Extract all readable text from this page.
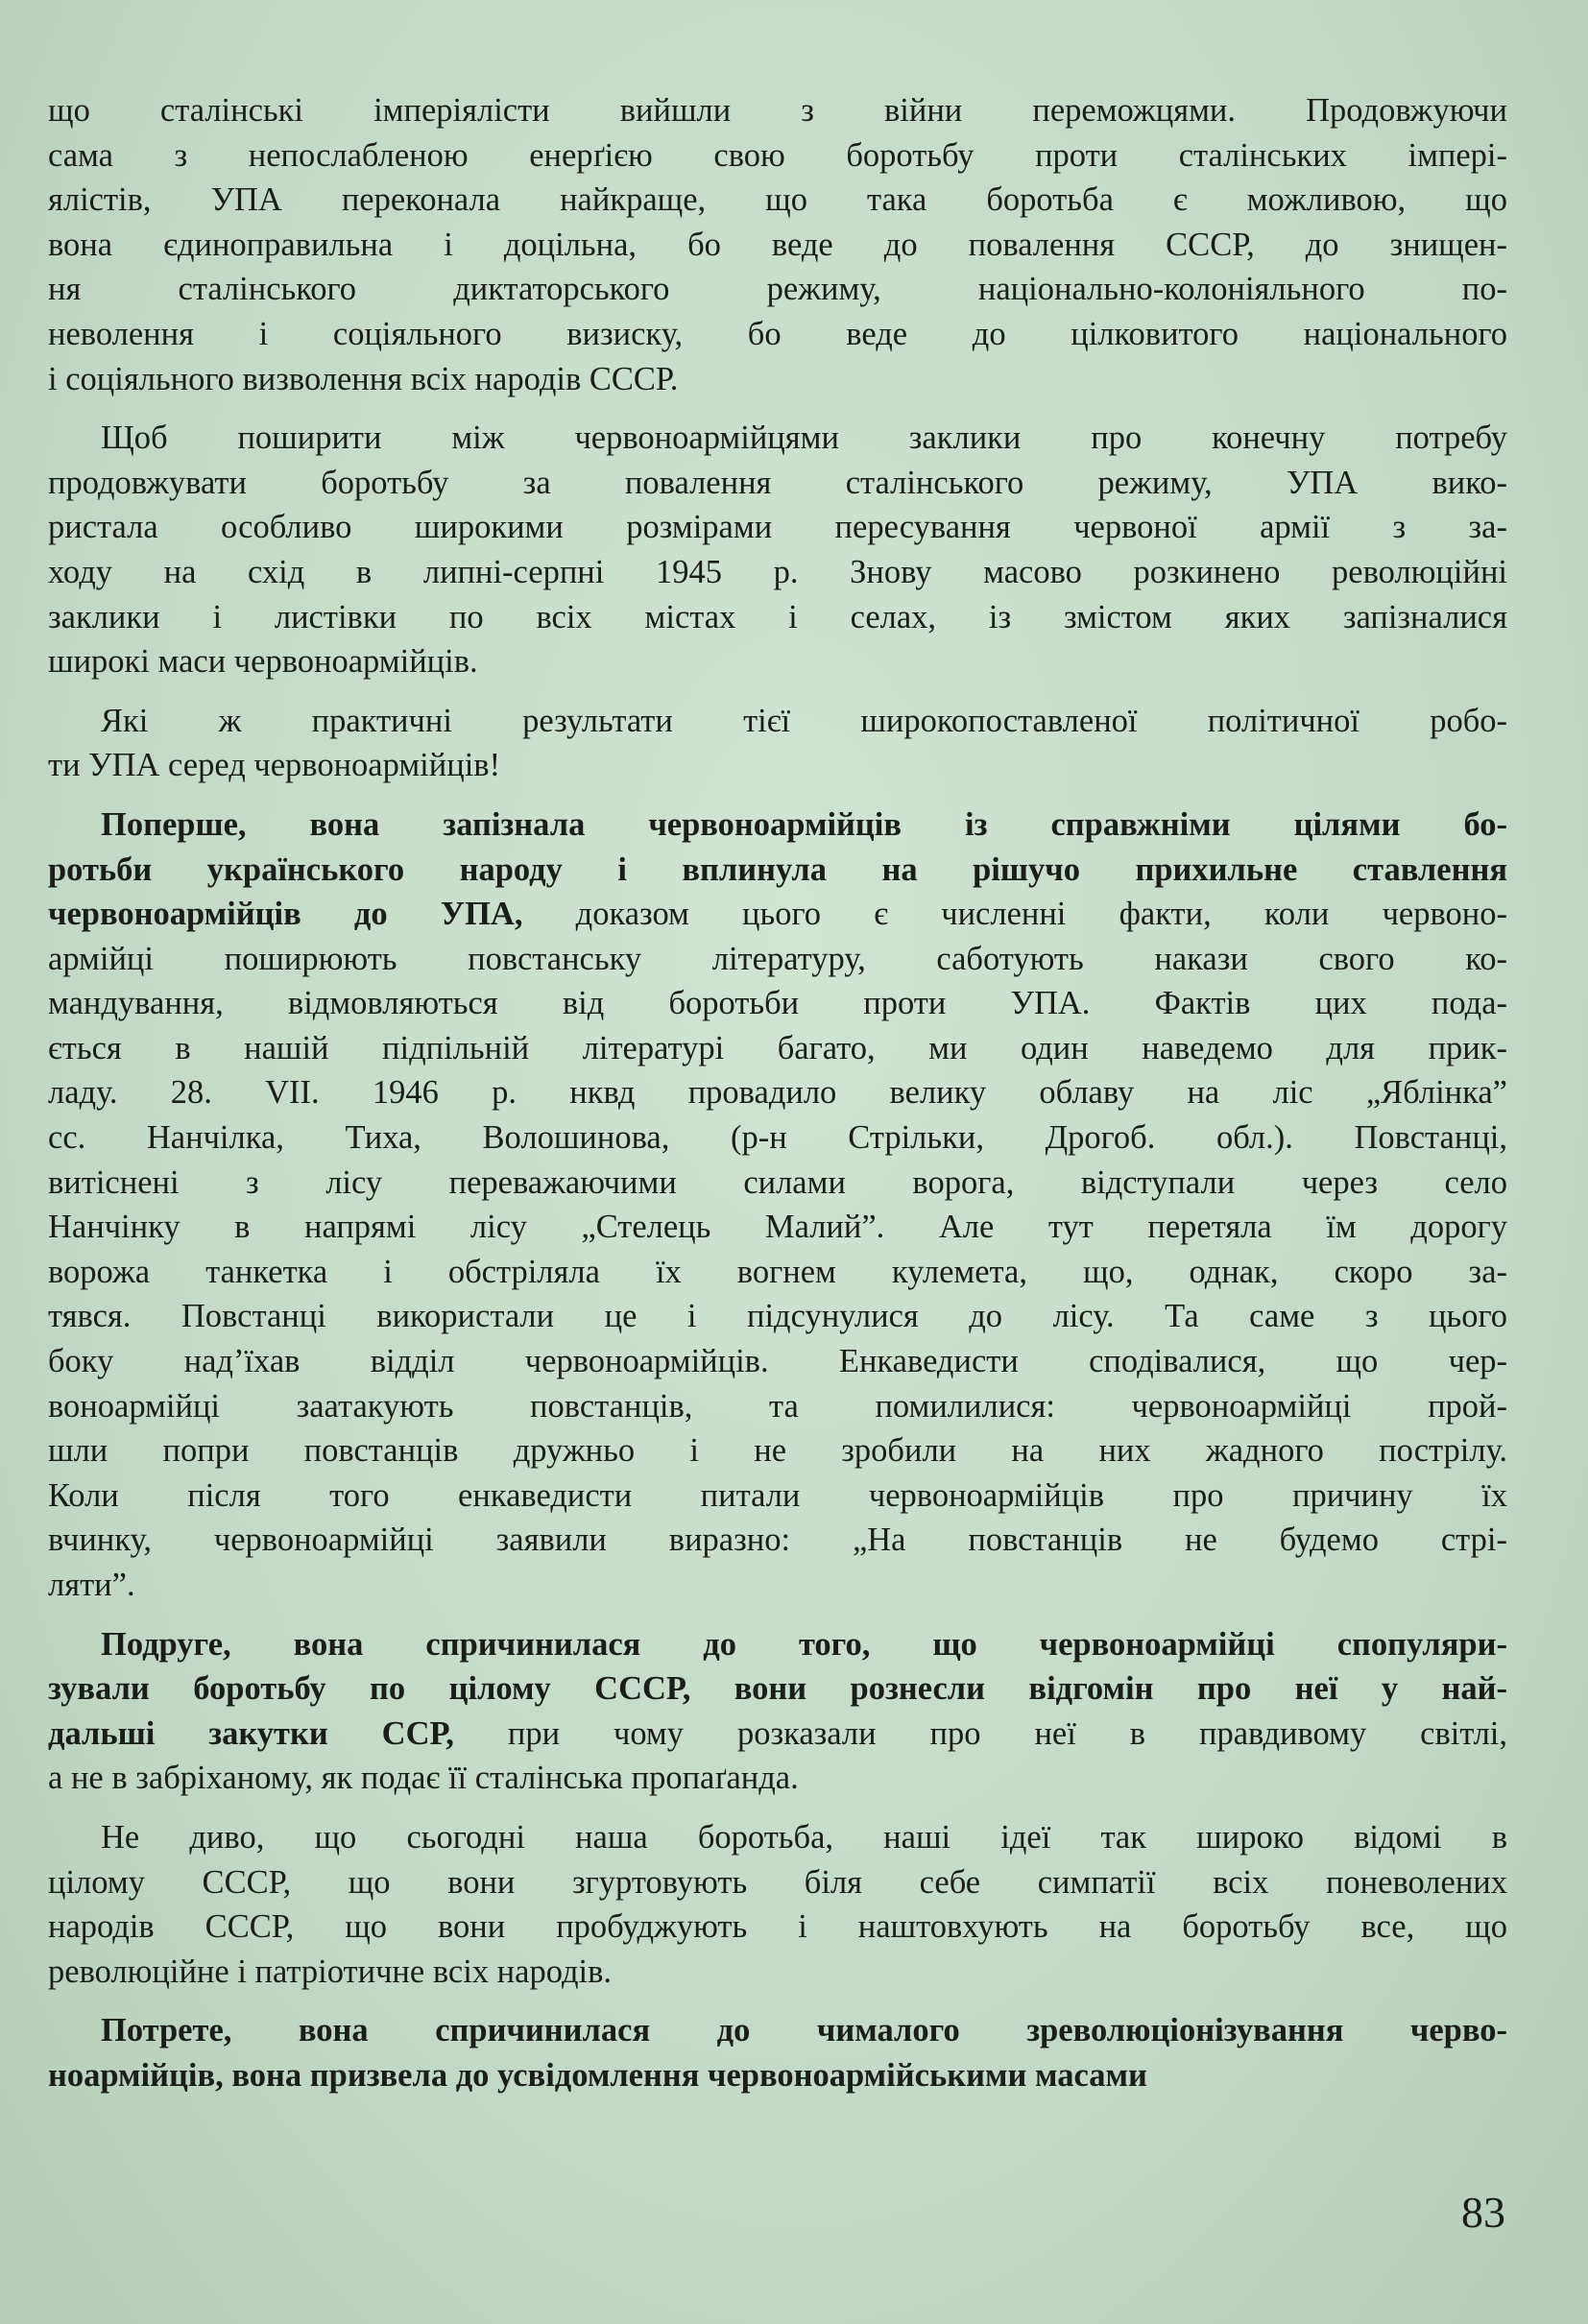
що сталінські імперіялісти вийшли з війни переможцями. Продовжуючи
сама з непослабленою енерґією свою боротьбу проти сталінських імпері-
ялістів, УПА переконала найкраще, що така боротьба є можливою, що
вона єдиноправильна і доцільна, бо веде до повалення СССР, до знищен-
ня сталінського диктаторського режиму, національно-колоніяльного по-
неволення і соціяльного визиску, бо веде до цілковитого національного
і соціяльного визволення всіх народів СССР.
Щоб поширити між червоноармійцями заклики про конечну потребу
продовжувати боротьбу за повалення сталінського режиму, УПА вико-
ристала особливо широкими розмірами пересування червоної армії з за-
ходу на схід в липні-серпні 1945 р. Знову масово розкинено революційні
заклики і листівки по всіх містах і селах, із змістом яких запізналися
широкі маси червоноармійців.
Які ж практичні результати тієї широкопоставленої політичної робо-
ти УПА серед червоноармійців!
Поперше, вона запізнала червоноармійців із справжніми цілями бо-
ротьби українського народу і вплинула на рішучо прихильне ставлення
червоноармійців до УПА, доказом цього є численні факти, коли червоно-
армійці поширюють повстанську літературу, саботують накази свого ко-
мандування, відмовляються від боротьби проти УПА. Фактів цих пода-
ється в нашій підпільній літературі багато, ми один наведемо для прик-
ладу. 28. VII. 1946 р. нквд провадило велику облаву на ліс „Яблінка”
сс. Нанчілка, Тиха, Волошинова, (р-н Стрільки, Дрогоб. обл.). Повстанці,
витіснені з лісу переважаючими силами ворога, відступали через село
Нанчінку в напрямі лісу „Стелець Малий”. Але тут перетяла їм дорогу
ворожа танкетка і обстріляла їх вогнем кулемета, що, однак, скоро за-
тявся. Повстанці використали це і підсунулися до лісу. Та саме з цього
боку над’їхав відділ червоноармійців. Енкаведисти сподівалися, що чер-
воноармійці заатакують повстанців, та помилилися: червоноармійці прой-
шли попри повстанців дружньо і не зробили на них жадного пострілу.
Коли після того енкаведисти питали червоноармійців про причину їх
вчинку, червоноармійці заявили виразно: „На повстанців не будемо стрі-
ляти”.
Подруге, вона спричинилася до того, що червоноармійці спопуляри-
зували боротьбу по цілому СССР, вони рознесли відгомін про неї у най-
дальші закутки ССР, при чому розказали про неї в правдивому світлі,
а не в забріханому, як подає її сталінська пропаґанда.
Не диво, що сьогодні наша боротьба, наші ідеї так широко відомі в
цілому СССР, що вони згуртовують біля себе симпатії всіх поневолених
народів СССР, що вони пробуджують і наштовхують на боротьбу все, що
революційне і патріотичне всіх народів.
Потрете, вона спричинилася до чималого зреволюціонізування черво-
ноармійців, вона призвела до усвідомлення червоноармійськими масами
83
